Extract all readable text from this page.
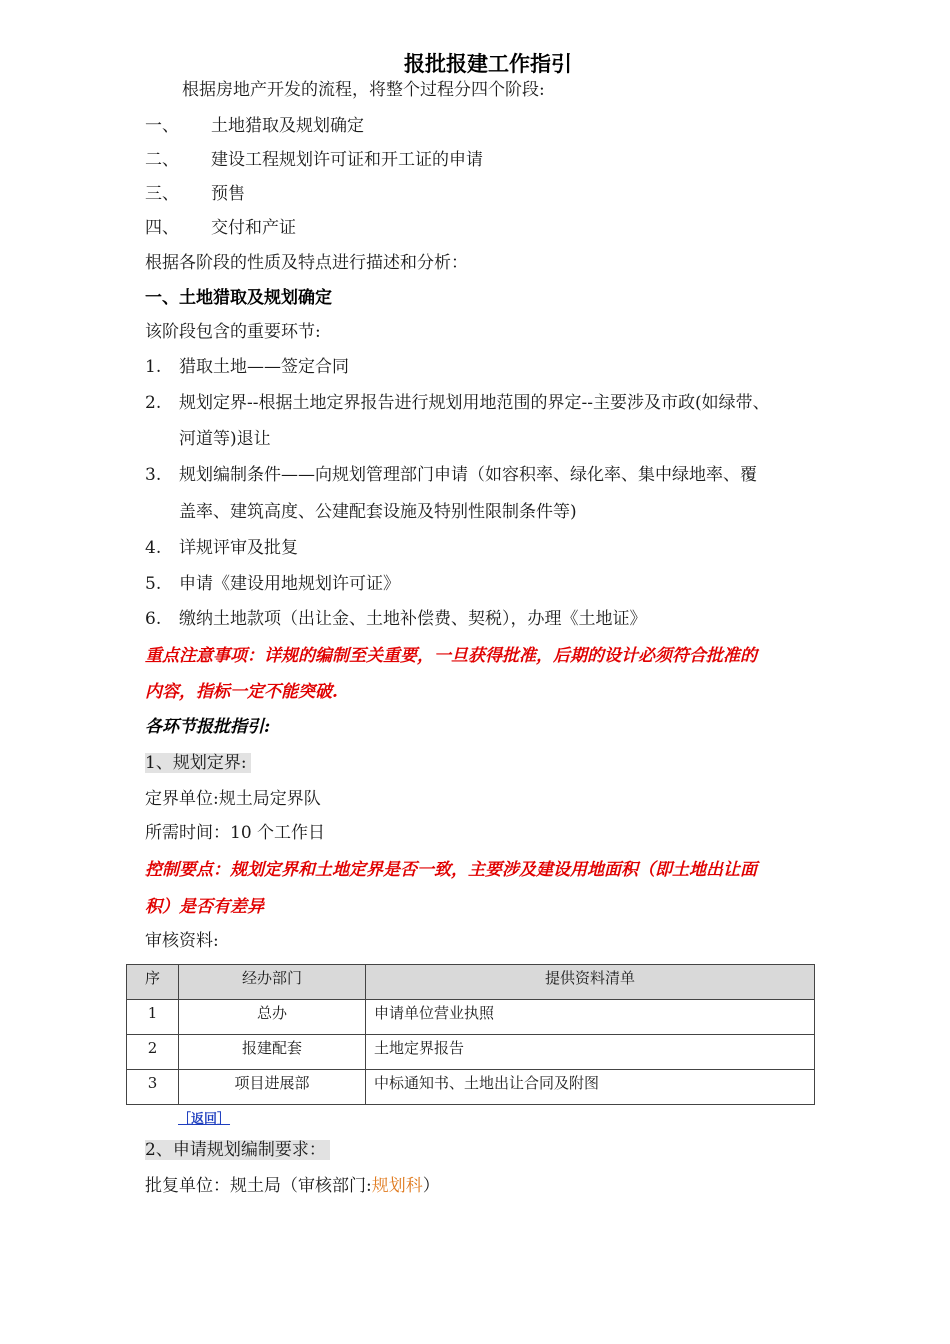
报批报建工作指引
根据房地产开发的流程，将整个过程分四个阶段:
一、 土地猎取及规划确定
二、 建设工程规划许可证和开工证的申请
三、 预售
四、 交付和产证
根据各阶段的性质及特点进行描述和分析：
一、土地猎取及规划确定
该阶段包含的重要环节:
1. 猎取土地——签定合同
2. 规划定界--根据土地定界报告进行规划用地范围的界定--主要涉及市政(如绿带、
河道等)退让
3. 规划编制条件——向规划管理部门申请（如容积率、绿化率、集中绿地率、覆
盖率、建筑高度、公建配套设施及特别性限制条件等)
4. 详规评审及批复
5. 申请《建设用地规划许可证》
6. 缴纳土地款项（出让金、土地补偿费、契税），办理《土地证》
重点注意事项：详规的编制至关重要，一旦获得批准，后期的设计必须符合批准的
内容，指标一定不能突破.
各环节报批指引:
1、规划定界:
定界单位:规土局定界队
所需时间：10 个工作日
控制要点：规划定界和土地定界是否一致，主要涉及建设用地面积（即土地出让面
积）是否有差异
审核资料:
序	经办部门	提供资料清单
1	总办	申请单位营业执照
2	报建配套	土地定界报告
3	项目进展部	中标通知书、土地出让合同及附图
［返回］
2、申请规划编制要求：
批复单位：规土局（审核部门:规划科）
